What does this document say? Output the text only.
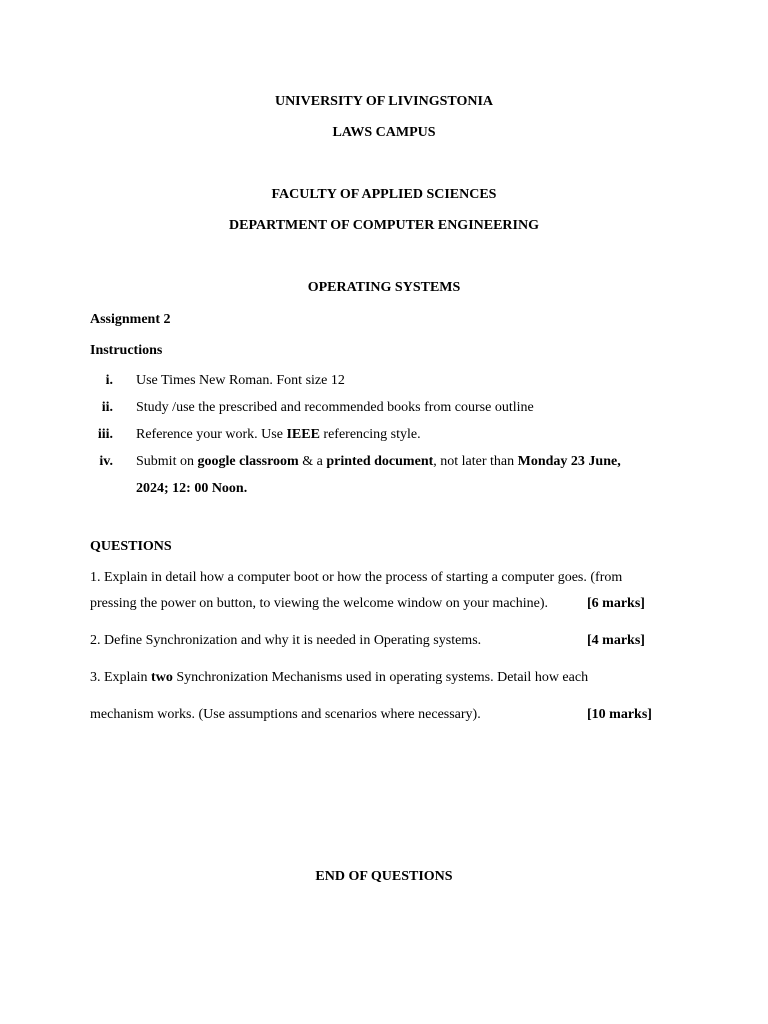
UNIVERSITY OF LIVINGSTONIA
LAWS CAMPUS
FACULTY OF APPLIED SCIENCES
DEPARTMENT OF COMPUTER ENGINEERING
OPERATING SYSTEMS
Assignment 2
Instructions
i. Use Times New Roman. Font size 12
ii. Study /use the prescribed and recommended books from course outline
iii. Reference your work. Use IEEE referencing style.
iv. Submit on google classroom & a printed document, not later than Monday 23 June,
2024; 12: 00 Noon.
QUESTIONS
1. Explain in detail how a computer boot or how the process of starting a computer goes. (from
pressing the power on button, to viewing the welcome window on your machine).	[6 marks]
2. Define Synchronization and why it is needed in Operating systems.	[4 marks]
3. Explain two Synchronization Mechanisms used in operating systems. Detail how each
mechanism works. (Use assumptions and scenarios where necessary).	[10 marks]
END OF QUESTIONS
